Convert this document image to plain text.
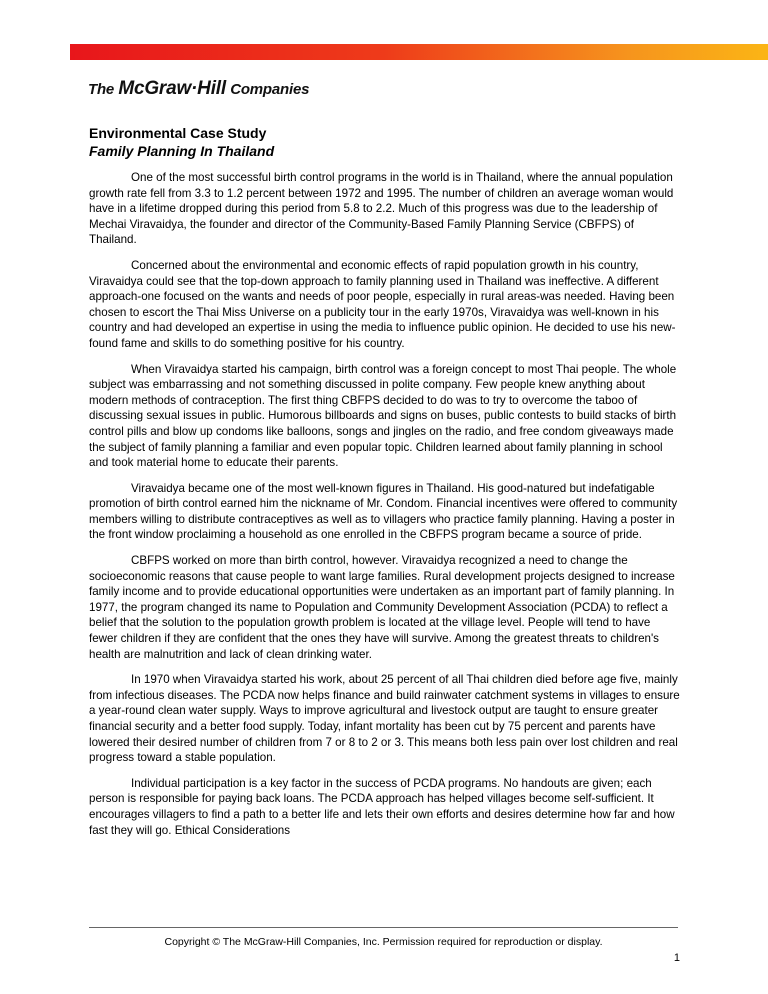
The McGraw·Hill Companies
Environmental Case Study
Family Planning In Thailand

One of the most successful birth control programs in the world is in Thailand, where the annual population growth rate fell from 3.3 to 1.2 percent between 1972 and 1995. The number of children an average woman would have in a lifetime dropped during this period from 5.8 to 2.2. Much of this progress was due to the leadership of Mechai Viravaidya, the founder and director of the Community-Based Family Planning Service (CBFPS) of Thailand.

Concerned about the environmental and economic effects of rapid population growth in his country, Viravaidya could see that the top-down approach to family planning used in Thailand was ineffective. A different approach-one focused on the wants and needs of poor people, especially in rural areas-was needed. Having been chosen to escort the Thai Miss Universe on a publicity tour in the early 1970s, Viravaidya was well-known in his country and had developed an expertise in using the media to influence public opinion. He decided to use his new-found fame and skills to do something positive for his country.

When Viravaidya started his campaign, birth control was a foreign concept to most Thai people. The whole subject was embarrassing and not something discussed in polite company. Few people knew anything about modern methods of contraception. The first thing CBFPS decided to do was to try to overcome the taboo of discussing sexual issues in public. Humorous billboards and signs on buses, public contests to build stacks of birth control pills and blow up condoms like balloons, songs and jingles on the radio, and free condom giveaways made the subject of family planning a familiar and even popular topic. Children learned about family planning in school and took material home to educate their parents.

Viravaidya became one of the most well-known figures in Thailand. His good-natured but indefatigable promotion of birth control earned him the nickname of Mr. Condom. Financial incentives were offered to community members willing to distribute contraceptives as well as to villagers who practice family planning. Having a poster in the front window proclaiming a household as one enrolled in the CBFPS program became a source of pride.

CBFPS worked on more than birth control, however. Viravaidya recognized a need to change the socioeconomic reasons that cause people to want large families. Rural development projects designed to increase family income and to provide educational opportunities were undertaken as an important part of family planning. In 1977, the program changed its name to Population and Community Development Association (PCDA) to reflect a belief that the solution to the population growth problem is located at the village level. People will tend to have fewer children if they are confident that the ones they have will survive. Among the greatest threats to children's health are malnutrition and lack of clean drinking water.

In 1970 when Viravaidya started his work, about 25 percent of all Thai children died before age five, mainly from infectious diseases. The PCDA now helps finance and build rainwater catchment systems in villages to ensure a year-round clean water supply. Ways to improve agricultural and livestock output are taught to ensure greater financial security and a better food supply. Today, infant mortality has been cut by 75 percent and parents have lowered their desired number of children from 7 or 8 to 2 or 3. This means both less pain over lost children and real progress toward a stable population.

Individual participation is a key factor in the success of PCDA programs. No handouts are given; each person is responsible for paying back loans. The PCDA approach has helped villages become self-sufficient. It encourages villagers to find a path to a better life and lets their own efforts and desires determine how far and how fast they will go. Ethical Considerations

Copyright © The McGraw-Hill Companies, Inc. Permission required for reproduction or display.
1
